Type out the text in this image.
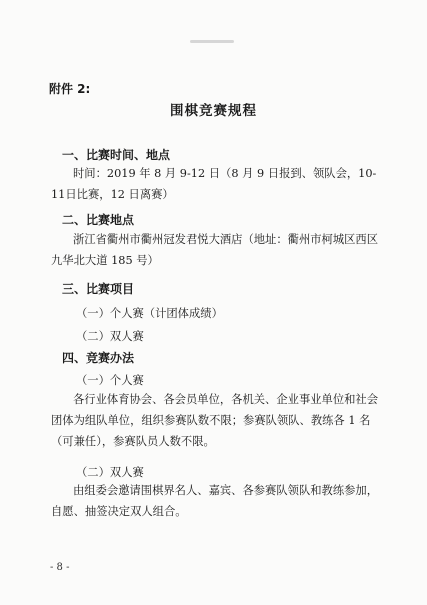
附件 2:
围棋竞赛规程
一、比赛时间、地点
时间：2019 年 8 月 9-12 日（8 月 9 日报到、领队会，10-11日比赛，12 日离赛）
二、比赛地点
浙江省衢州市衢州冠发君悦大酒店（地址：衢州市柯城区西区九华北大道 185 号）
三、比赛项目
（一）个人赛（计团体成绩）
（二）双人赛
四、竞赛办法
（一）个人赛
各行业体育协会、各会员单位，各机关、企业事业单位和社会团体为组队单位，组织参赛队数不限；参赛队领队、教练各 1 名（可兼任），参赛队员人数不限。
（二）双人赛
由组委会邀请围棋界名人、嘉宾、各参赛队领队和教练参加，自愿、抽签决定双人组合。
- 8 -
